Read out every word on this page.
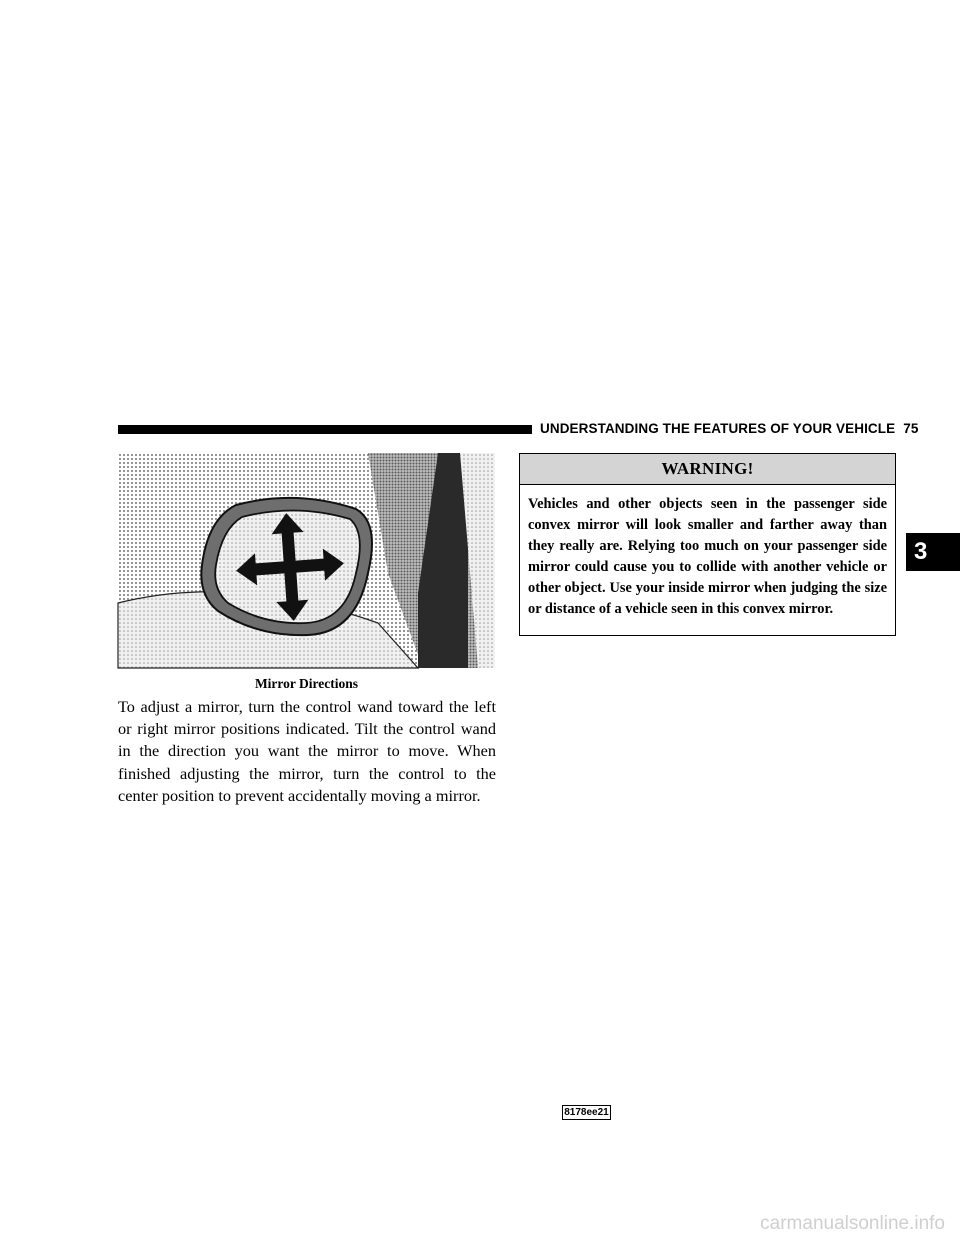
UNDERSTANDING THE FEATURES OF YOUR VEHICLE 75
8178ee21
Mirror Directions

To adjust a mirror, turn the control wand toward the left or right mirror positions indicated. Tilt the control wand in the direction you want the mirror to move. When finished adjusting the mirror, turn the control to the center position to prevent accidentally moving a mirror.

WARNING!

Vehicles and other objects seen in the passenger side convex mirror will look smaller and farther away than they really are. Relying too much on your passenger side mirror could cause you to collide with another vehicle or other object. Use your inside mirror when judging the size or distance of a vehicle seen in this convex mirror.

3
carmanualsonline.info
